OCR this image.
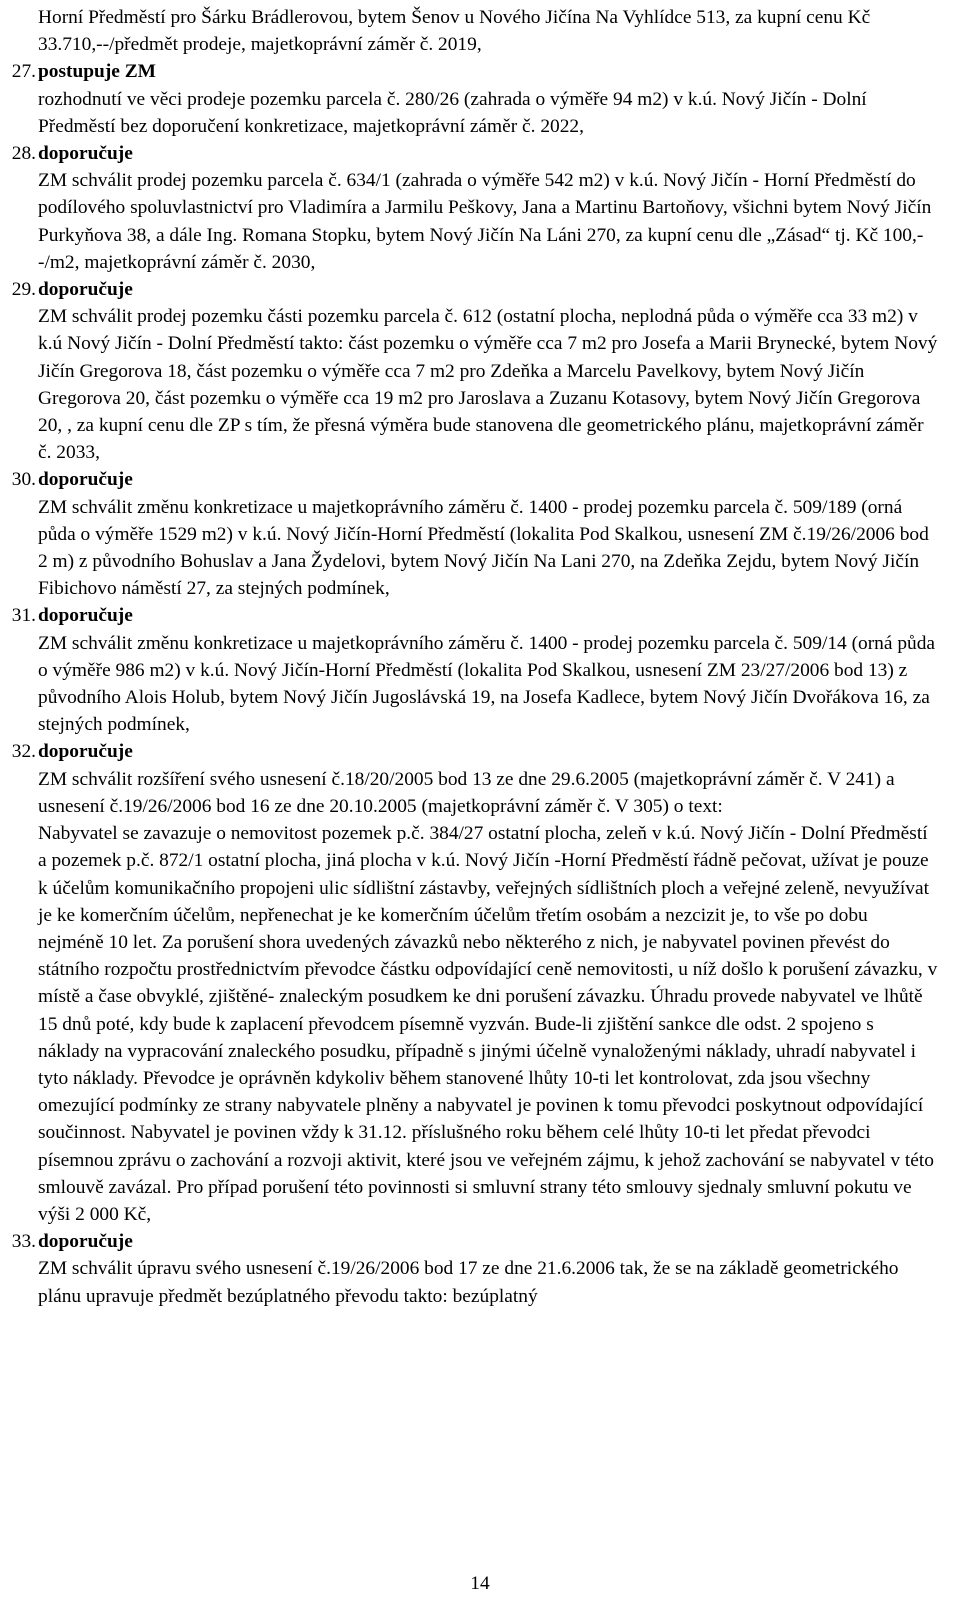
Horní Předměstí pro Šárku Brádlerovou, bytem Šenov u Nového Jičína Na Vyhlídce 513, za kupní cenu Kč 33.710,--/předmět prodeje, majetkoprávní záměr č. 2019,

27. postupuje ZM

rozhodnutí ve věci prodeje pozemku parcela č. 280/26 (zahrada o výměře 94 m2) v k.ú. Nový Jičín - Dolní Předměstí bez doporučení konkretizace, majetkoprávní záměr č. 2022,

28. doporučuje

ZM schválit prodej pozemku parcela č. 634/1 (zahrada o výměře 542 m2) v k.ú. Nový Jičín - Horní Předměstí do podílového spoluvlastnictví pro Vladimíra a Jarmilu Peškovy, Jana a Martinu Bartoňovy, všichni bytem Nový Jičín Purkyňova 38, a dále Ing. Romana Stopku, bytem Nový Jičín Na Láni 270, za kupní cenu dle „Zásad“ tj. Kč 100,--/m2, majetkoprávní záměr č. 2030,

29. doporučuje

ZM schválit prodej pozemku části pozemku parcela č. 612 (ostatní plocha, neplodná půda o výměře cca 33 m2) v k.ú Nový Jičín - Dolní Předměstí takto: část pozemku o výměře cca 7 m2 pro Josefa a Marii Brynecké, bytem Nový Jičín Gregorova 18, část pozemku o výměře cca 7 m2 pro Zdeňka a Marcelu Pavelkovy, bytem Nový Jičín Gregorova 20, část pozemku o výměře cca 19 m2 pro Jaroslava a Zuzanu Kotasovy, bytem Nový Jičín Gregorova 20, , za kupní cenu dle ZP s tím, že přesná výměra bude stanovena dle geometrického plánu, majetkoprávní záměr č. 2033,

30. doporučuje

ZM schválit změnu konkretizace u majetkoprávního záměru č. 1400 - prodej pozemku parcela č. 509/189 (orná půda o výměře 1529 m2) v k.ú. Nový Jičín-Horní Předměstí (lokalita Pod Skalkou, usnesení ZM č.19/26/2006 bod 2 m) z původního Bohuslav a Jana Žydelovi, bytem Nový Jičín Na Lani 270, na Zdeňka Zejdu, bytem Nový Jičín Fibichovo náměstí 27, za stejných podmínek,

31. doporučuje

ZM schválit změnu konkretizace u majetkoprávního záměru č. 1400 - prodej pozemku parcela č. 509/14 (orná půda o výměře 986 m2) v k.ú. Nový Jičín-Horní Předměstí (lokalita Pod Skalkou, usnesení ZM 23/27/2006 bod 13) z původního Alois Holub, bytem Nový Jičín Jugoslávská 19, na Josefa Kadlece, bytem Nový Jičín Dvořákova 16, za stejných podmínek,

32. doporučuje

ZM schválit rozšíření svého usnesení č.18/20/2005 bod 13 ze dne 29.6.2005 (majetkoprávní záměr č. V 241) a usnesení č.19/26/2006 bod 16 ze dne 20.10.2005 (majetkoprávní záměr č. V 305) o text:

Nabyvatel se zavazuje o nemovitost pozemek p.č. 384/27 ostatní plocha, zeleň v k.ú. Nový Jičín - Dolní Předměstí a pozemek p.č. 872/1 ostatní plocha, jiná plocha v k.ú. Nový Jičín -Horní Předměstí řádně pečovat, užívat je pouze k účelům komunikačního propojeni ulic sídlištní zástavby, veřejných sídlištních ploch a veřejné zeleně, nevyužívat je ke komerčním účelům, nepřenechat je ke komerčním účelům třetím osobám a nezcizit je, to vše po dobu nejméně 10 let. Za porušení shora uvedených závazků nebo některého z nich, je nabyvatel povinen převést do státního rozpočtu prostřednictvím převodce částku odpovídající ceně nemovitosti, u níž došlo k porušení závazku, v místě a čase obvyklé, zjištěné- znaleckým posudkem ke dni porušení závazku. Úhradu provede nabyvatel ve lhůtě 15 dnů poté, kdy bude k zaplacení převodcem písemně vyzván. Bude-li zjištění sankce dle odst. 2 spojeno s náklady na vypracování znaleckého posudku, případně s jinými účelně vynaloženými náklady, uhradí nabyvatel i tyto náklady. Převodce je oprávněn kdykoliv během stanovené lhůty 10-ti let kontrolovat, zda jsou všechny omezující podmínky ze strany nabyvatele plněny a nabyvatel je povinen k tomu převodci poskytnout odpovídající součinnost. Nabyvatel je povinen vždy k 31.12. příslušného roku během celé lhůty 10-ti let předat převodci písemnou zprávu o zachování a rozvoji aktivit, které jsou ve veřejném zájmu, k jehož zachování se nabyvatel v této smlouvě zavázal. Pro případ porušení této povinnosti si smluvní strany této smlouvy sjednaly smluvní pokutu ve výši 2 000 Kč,

33. doporučuje

ZM schválit úpravu svého usnesení č.19/26/2006 bod 17 ze dne 21.6.2006 tak, že se na základě geometrického plánu upravuje předmět bezúplatného převodu takto: bezúplatný

14
